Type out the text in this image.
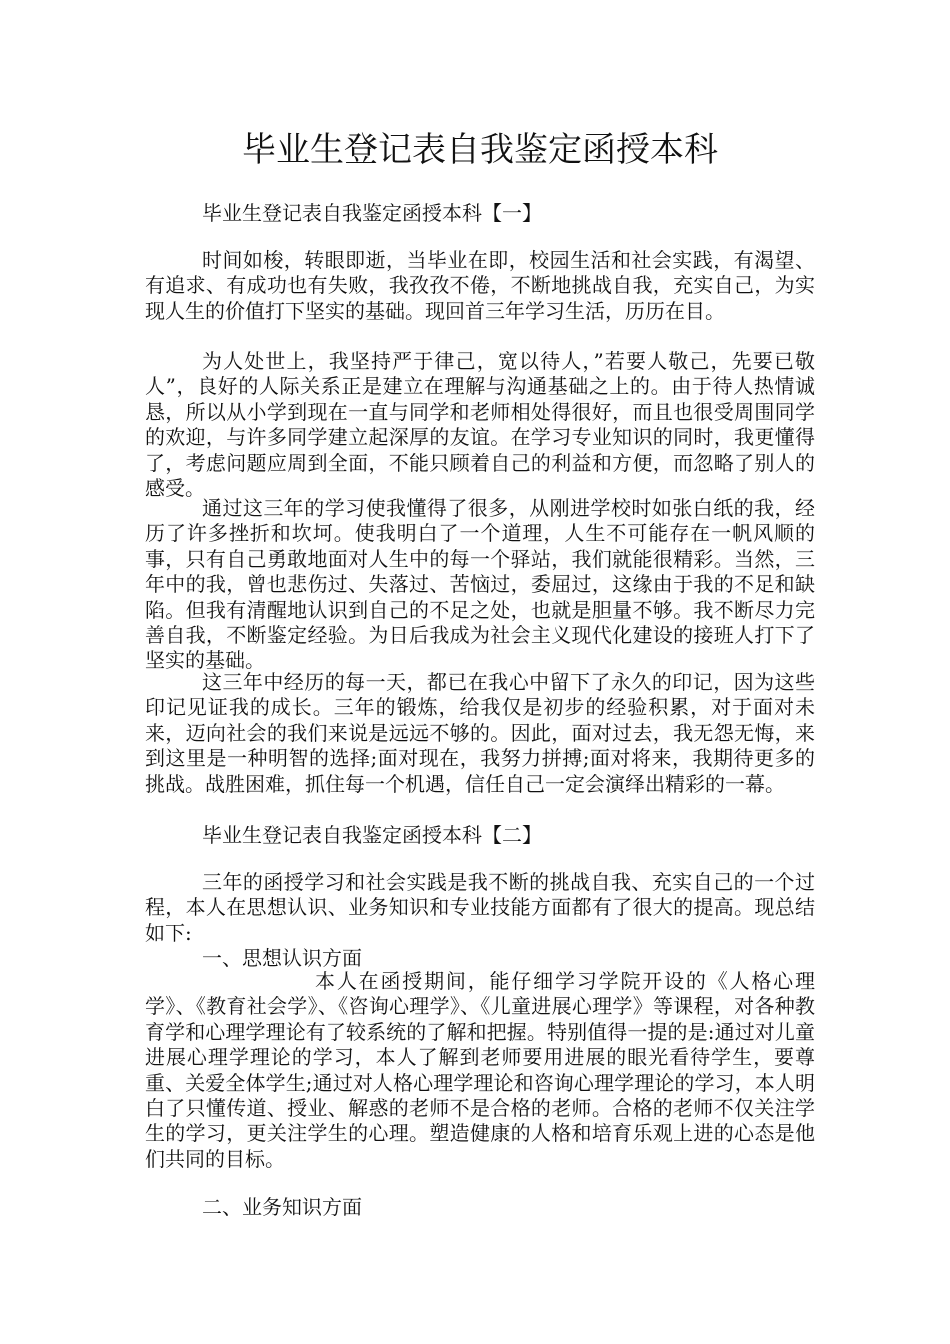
毕业生登记表自我鉴定函授本科
毕业生登记表自我鉴定函授本科【一】

时间如梭，转眼即逝，当毕业在即，校园生活和社会实践，有渴望、有追求、有成功也有失败，我孜孜不倦，不断地挑战自我，充实自己，为实现人生的价值打下坚实的基础。现回首三年学习生活，历历在目。

为人处世上，我坚持严于律己，宽以待人，”若要人敬己，先要已敬人”，良好的人际关系正是建立在理解与沟通基础之上的。由于待人热情诚恳，所以从小学到现在一直与同学和老师相处得很好，而且也很受周围同学的欢迎，与许多同学建立起深厚的友谊。在学习专业知识的同时，我更懂得了，考虑问题应周到全面，不能只顾着自己的利益和方便，而忽略了别人的感受。

通过这三年的学习使我懂得了很多，从刚进学校时如张白纸的我，经历了许多挫折和坎坷。使我明白了一个道理，人生不可能存在一帆风顺的事，只有自己勇敢地面对人生中的每一个驿站，我们就能很精彩。当然，三年中的我，曾也悲伤过、失落过、苦恼过，委屈过，这缘由于我的不足和缺陷。但我有清醒地认识到自己的不足之处，也就是胆量不够。我不断尽力完善自我，不断鉴定经验。为日后我成为社会主义现代化建设的接班人打下了坚实的基础。

这三年中经历的每一天，都已在我心中留下了永久的印记，因为这些印记见证我的成长。三年的锻炼，给我仅是初步的经验积累，对于面对未来，迈向社会的我们来说是远远不够的。因此，面对过去，我无怨无悔，来到这里是一种明智的选择;面对现在，我努力拼搏;面对将来，我期待更多的挑战。战胜困难，抓住每一个机遇，信任自己一定会演绎出精彩的一幕。

毕业生登记表自我鉴定函授本科【二】

三年的函授学习和社会实践是我不断的挑战自我、充实自己的一个过程，本人在思想认识、业务知识和专业技能方面都有了很大的提高。现总结如下:

一、思想认识方面

本人在函授期间，能仔细学习学院开设的《人格心理学》、《教育社会学》、《咨询心理学》、《儿童进展心理学》等课程，对各种教育学和心理学理论有了较系统的了解和把握。特别值得一提的是:通过对儿童进展心理学理论的学习，本人了解到老师要用进展的眼光看待学生，要尊重、关爱全体学生;通过对人格心理学理论和咨询心理学理论的学习，本人明白了只懂传道、授业、解惑的老师不是合格的老师。合格的老师不仅关注学生的学习，更关注学生的心理。塑造健康的人格和培育乐观上进的心态是他们共同的目标。

二、业务知识方面
